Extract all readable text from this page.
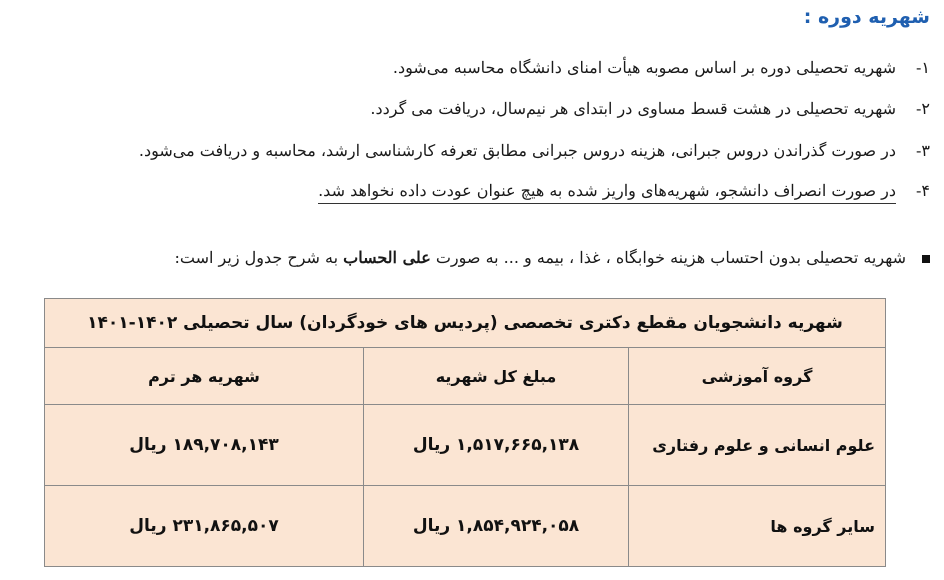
شهریه دوره :
۱-
شهریه تحصیلی دوره بر اساس مصوبه هیأت امنای دانشگاه محاسبه می‌شود.
۲-
شهریه تحصیلی در هشت قسط مساوی در ابتدای هر نیم‌سال، دریافت می گردد.
۳-
در صورت گذراندن دروس جبرانی، هزینه دروس جبرانی مطابق تعرفه کارشناسی ارشد، محاسبه و دریافت می‌شود.
۴-
در صورت انصراف دانشجو، شهریه‌های واریز شده به هیچ عنوان عودت داده نخواهد شد.
شهریه تحصیلی بدون احتساب هزینه خوابگاه ، غذا ، بیمه و ... به صورت علی الحساب به شرح جدول زیر است:
شهریه دانشجویان مقطع دکتری تخصصی (پردیس های خودگردان) سال تحصیلی ۱۴۰۲-۱۴۰۱		
گروه آموزشی	مبلغ کل شهریه	شهریه هر ترم
علوم انسانی و علوم رفتاری	۱,۵۱۷,۶۶۵,۱۳۸ ریال	۱۸۹,۷۰۸,۱۴۳ ریال
سایر گروه ها	۱,۸۵۴,۹۲۴,۰۵۸ ریال	۲۳۱,۸۶۵,۵۰۷ ریال
